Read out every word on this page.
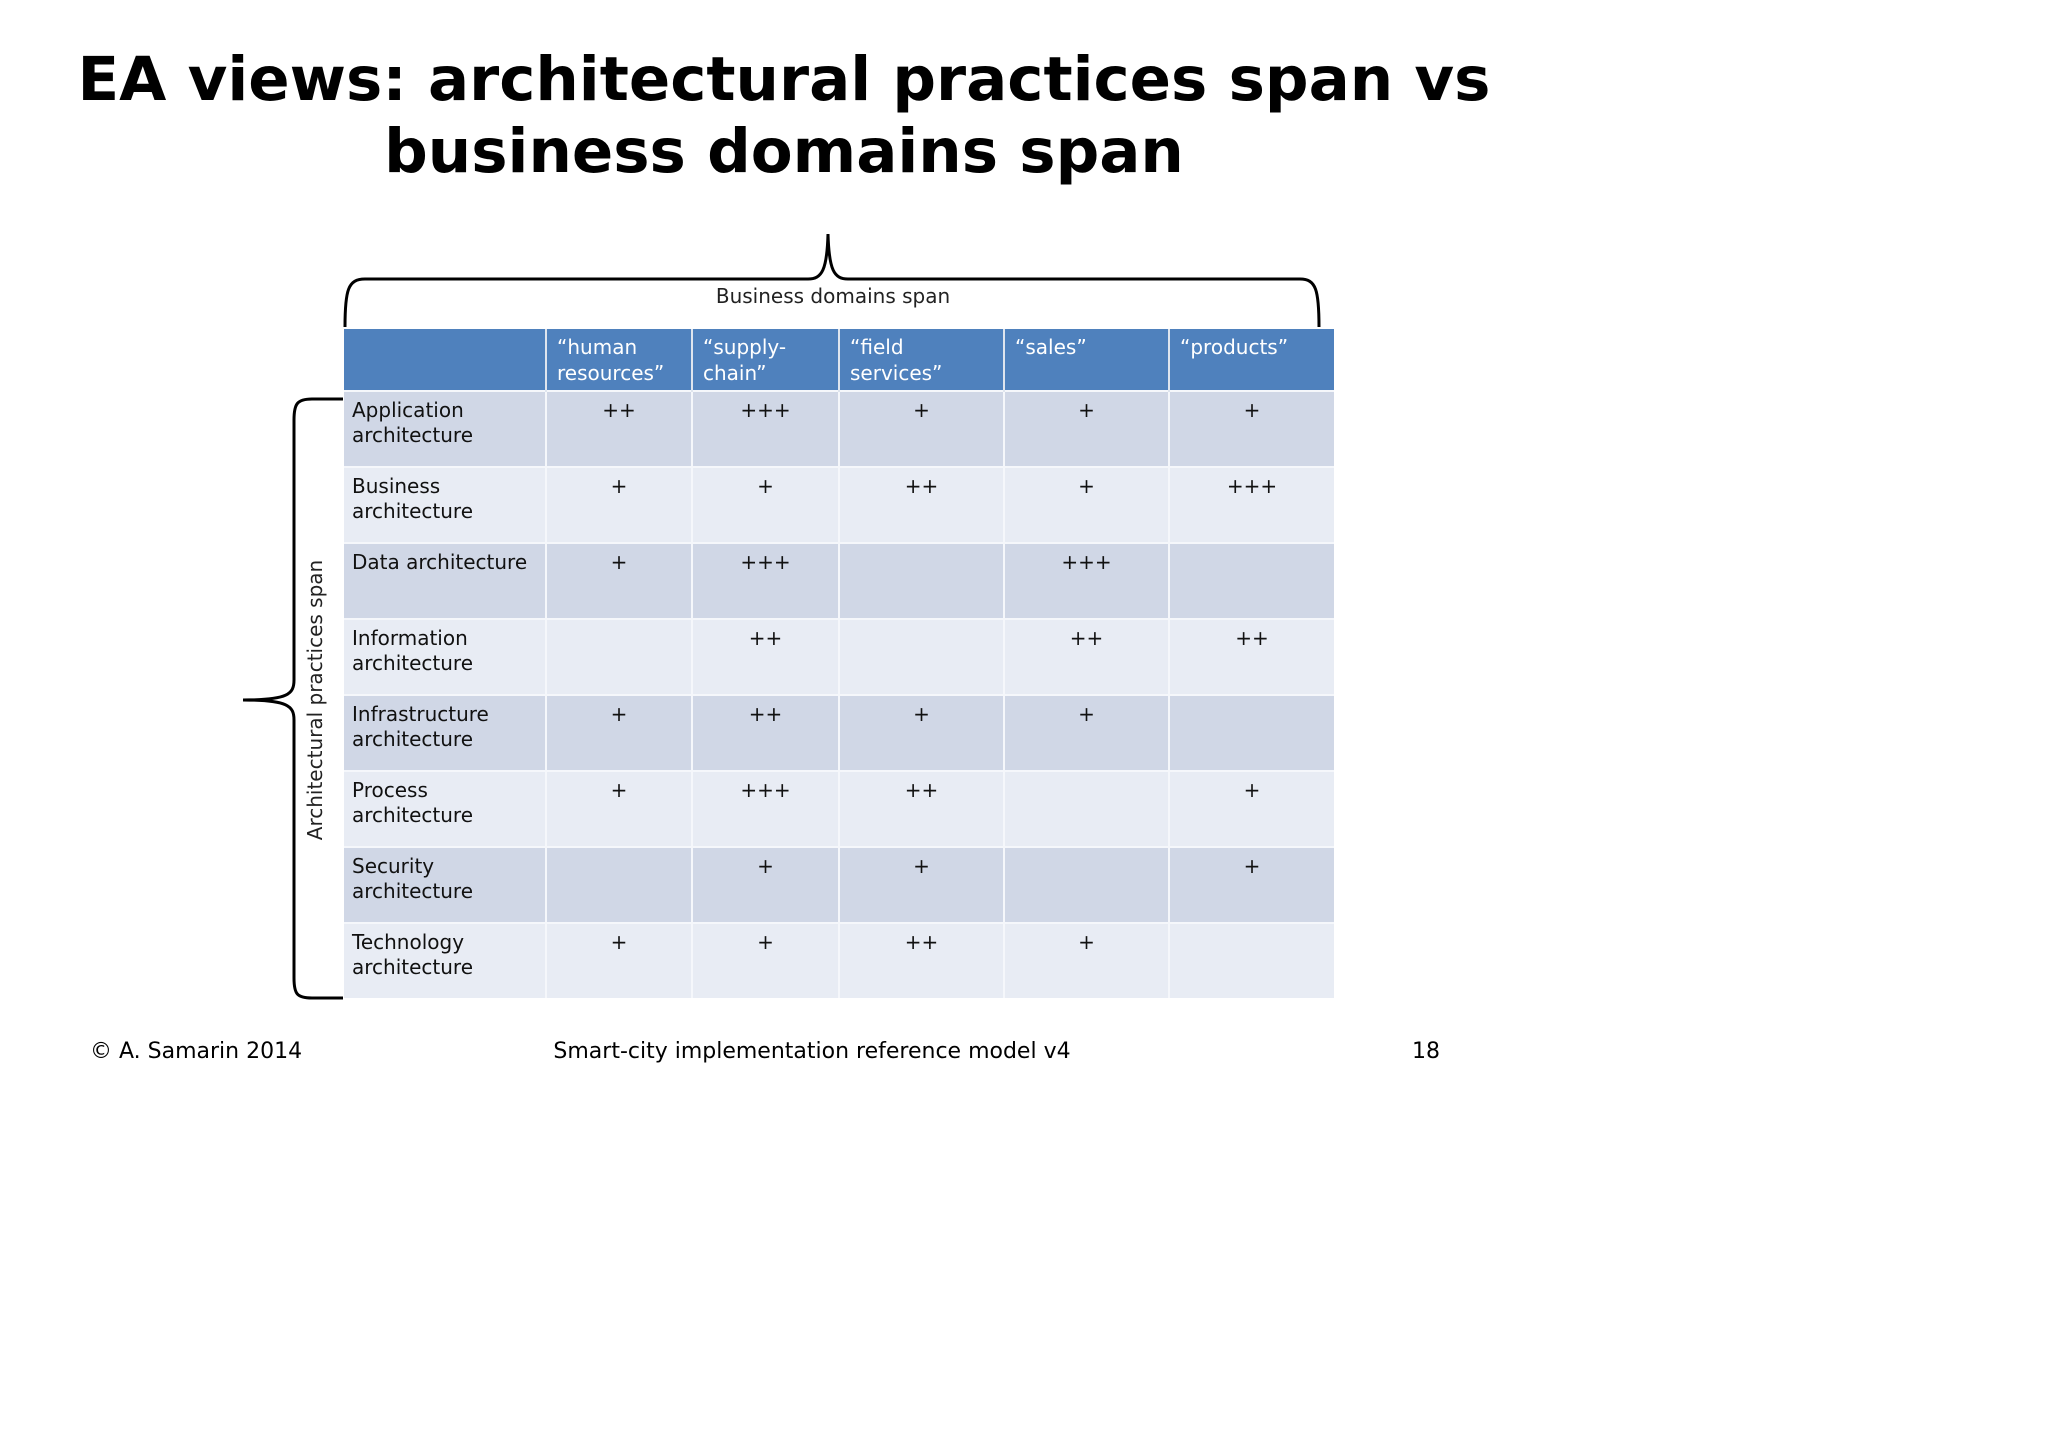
EA views: architectural practices span vs business domains span
Business domains span
Architectural practices span
	“human resources”	“supply-chain”	“field services”	“sales”	“products”
Application architecture	++	+++	+	+	+
Business architecture	+	+	++	+	+++
Data architecture	+	+++		+++	
Information architecture		++		++	++
Infrastructure architecture	+	++	+	+	
Process architecture	+	+++	++		+
Security architecture		+	+		+
Technology architecture	+	+	++	+	
© A. Samarin 2014	Smart-city implementation reference model v4	18
